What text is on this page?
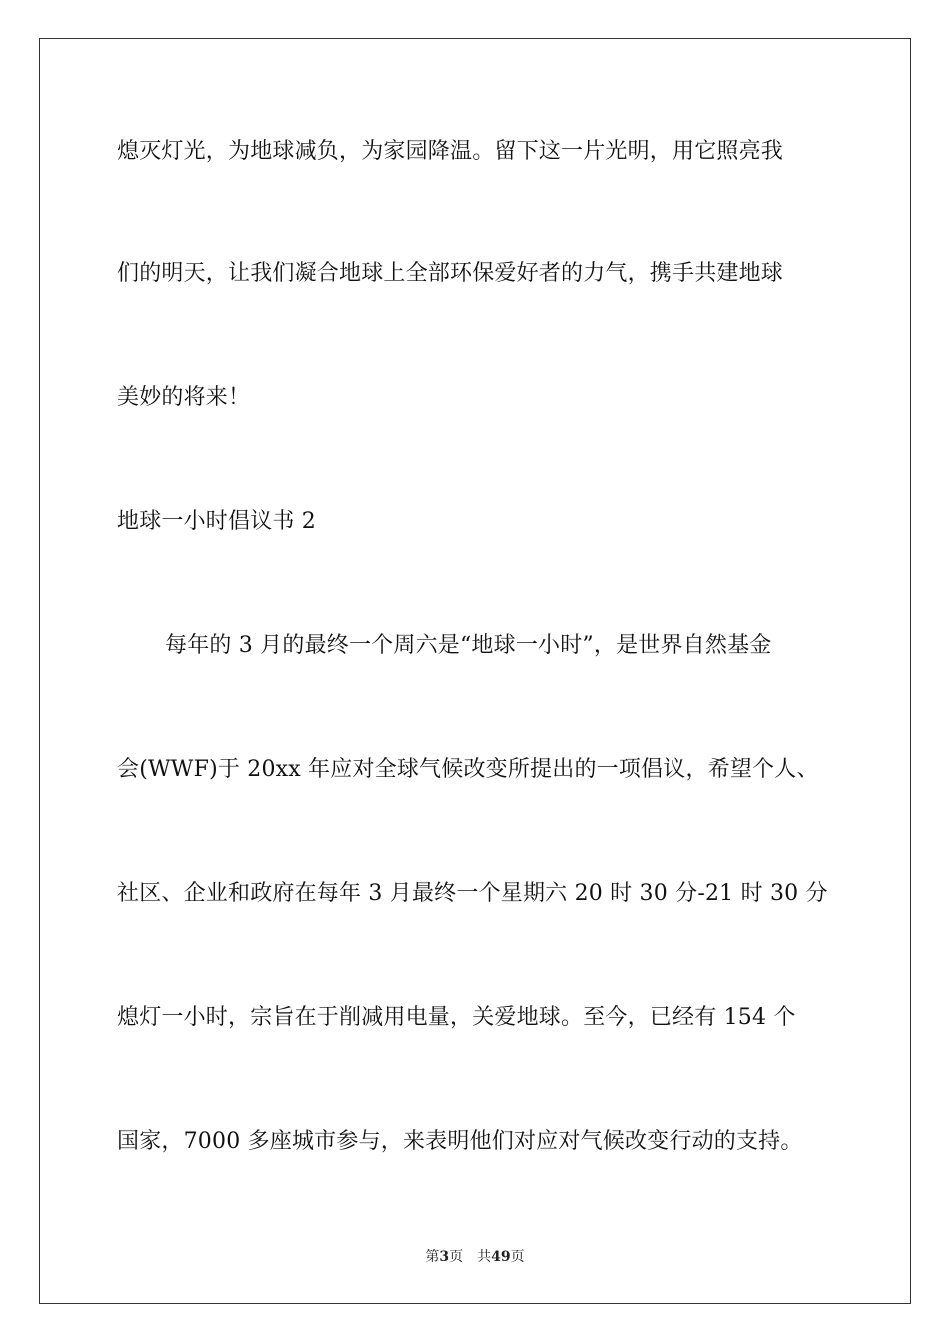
熄灭灯光，为地球减负，为家园降温。留下这一片光明，用它照亮我
们的明天，让我们凝合地球上全部环保爱好者的力气，携手共建地球
美妙的将来！
地球一小时倡议书 2
每年的 3 月的最终一个周六是“地球一小时”，是世界自然基金
会(WWF)于 20xx 年应对全球气候改变所提出的一项倡议，希望个人、
社区、企业和政府在每年 3 月最终一个星期六 20 时 30 分-21 时 30 分
熄灯一小时，宗旨在于削减用电量，关爱地球。至今，已经有 154 个
国家，7000 多座城市参与，来表明他们对应对气候改变行动的支持。
第3页 共49页
